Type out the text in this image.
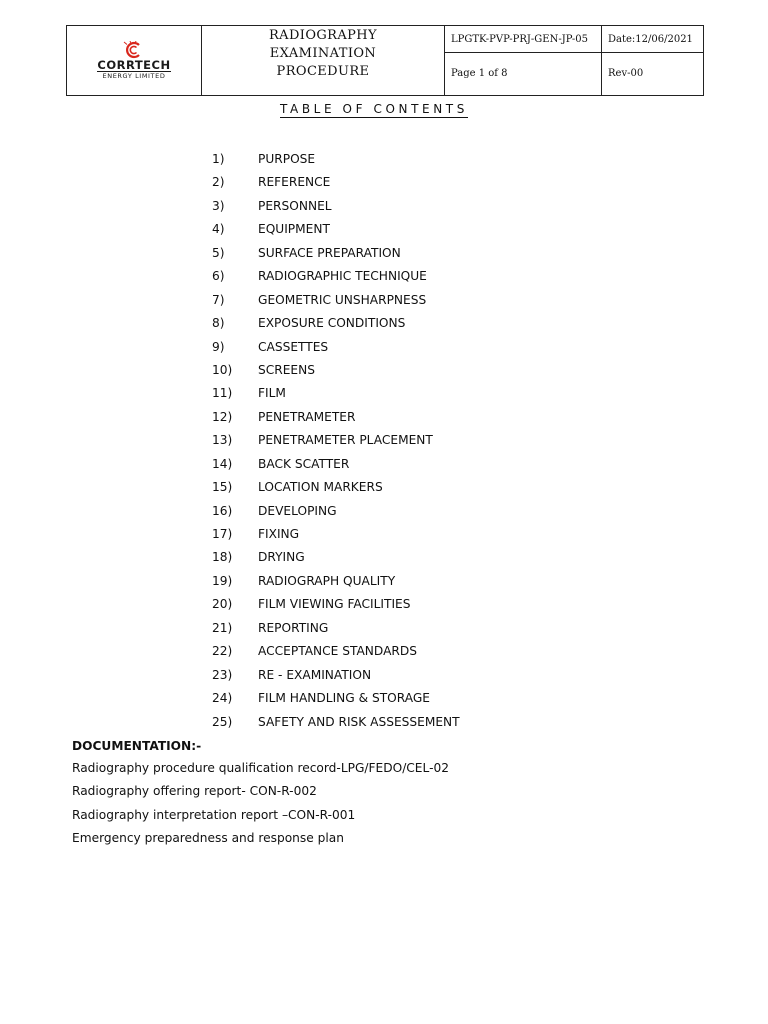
CORRTECH
ENERGY LIMITED
RADIOGRAPHY
EXAMINATION
PROCEDURE
LPGTK-PVP-PRJ-GEN-JP-05	Date:12/06/2021
Page 1 of 8	Rev-00
TABLE OF CONTENTS
1)	PURPOSE
2)	REFERENCE
3)	PERSONNEL
4)	EQUIPMENT
5)	SURFACE PREPARATION
6)	RADIOGRAPHIC TECHNIQUE
7)	GEOMETRIC UNSHARPNESS
8)	EXPOSURE CONDITIONS
9)	CASSETTES
10) SCREENS
11) FILM
12) PENETRAMETER
13) PENETRAMETER PLACEMENT
14) BACK SCATTER
15) LOCATION MARKERS
16) DEVELOPING
17) FIXING
18) DRYING
19) RADIOGRAPH QUALITY
20) FILM VIEWING FACILITIES
21) REPORTING
22) ACCEPTANCE STANDARDS
23) RE - EXAMINATION
24) FILM HANDLING & STORAGE
25) SAFETY AND RISK ASSESSEMENT
DOCUMENTATION:-
Radiography procedure qualification record-LPG/FEDO/CEL-02
Radiography offering report- CON-R-002
Radiography interpretation report –CON-R-001
Emergency preparedness and response plan
